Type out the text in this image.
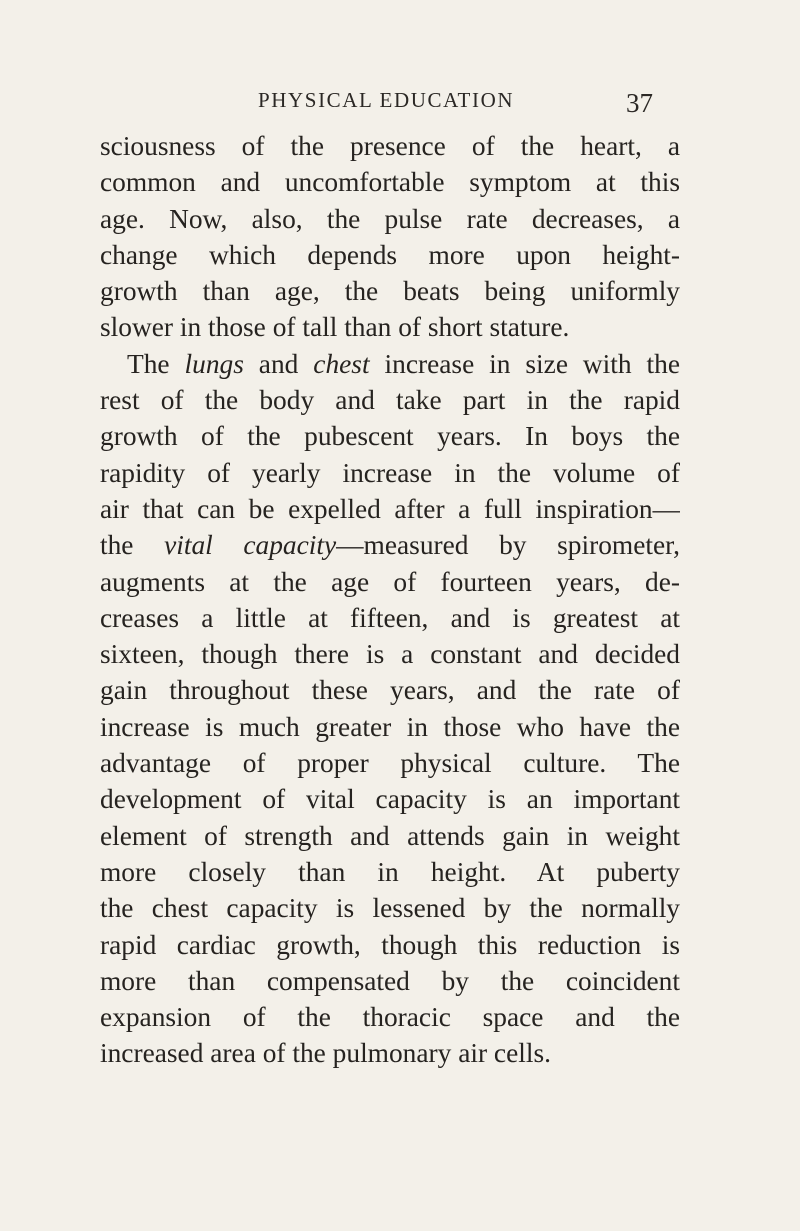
PHYSICAL EDUCATION	37
sciousness of the presence of the heart, a
common and uncomfortable symptom at this
age. Now, also, the pulse rate decreases, a
change which depends more upon height-
growth than age, the beats being uniformly
slower in those of tall than of short stature.
The lungs and chest increase in size with the
rest of the body and take part in the rapid
growth of the pubescent years. In boys the
rapidity of yearly increase in the volume of
air that can be expelled after a full inspiration—
the vital capacity—measured by spirometer,
augments at the age of fourteen years, de-
creases a little at fifteen, and is greatest at
sixteen, though there is a constant and decided
gain throughout these years, and the rate of
increase is much greater in those who have the
advantage of proper physical culture. The
development of vital capacity is an important
element of strength and attends gain in weight
more closely than in height. At puberty
the chest capacity is lessened by the normally
rapid cardiac growth, though this reduction is
more than compensated by the coincident
expansion of the thoracic space and the
increased area of the pulmonary air cells.
